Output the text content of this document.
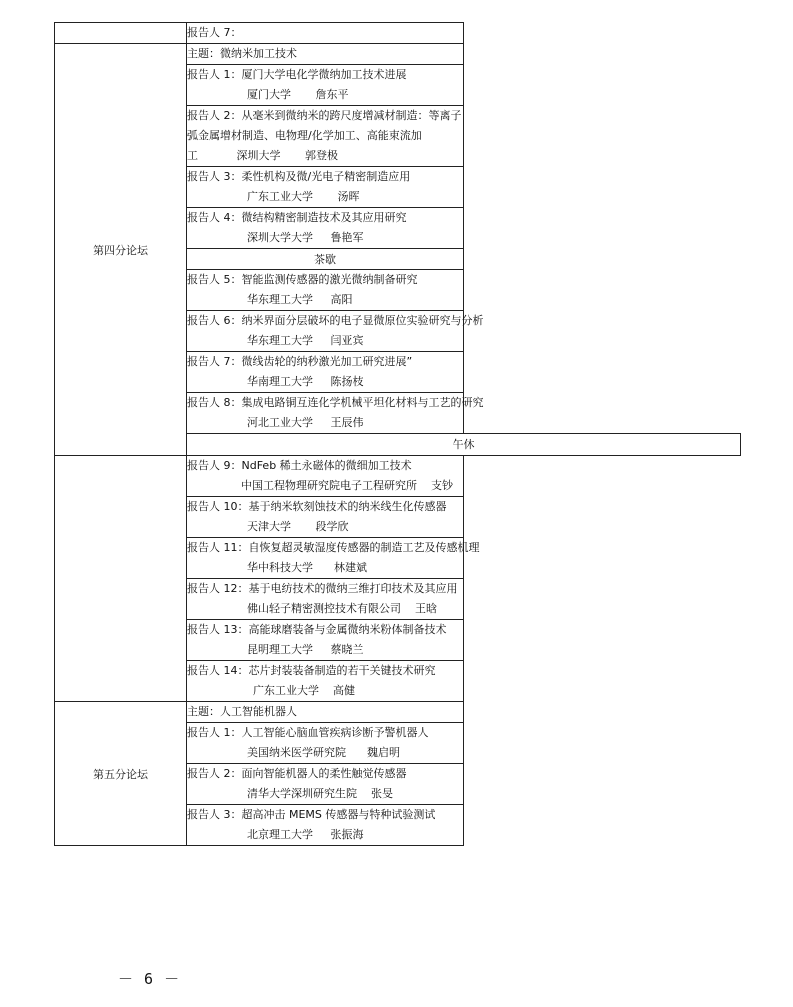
	报告人 7：

第四分论坛	主题：微纳米加工技术

	报告人 1：厦门大学电化学微纳加工技术进展
厦门大学 詹东平

	报告人 2：从毫米到微纳米的跨尺度增减材制造：等离子弧金属增材制造、电物理/化学加工、高能束流加工 深圳大学 郭登极

	报告人 3：柔性机构及微/光电子精密制造应用
广东工业大学 汤晖

	报告人 4：微结构精密制造技术及其应用研究
深圳大学大学 鲁艳军

	茶歇

	报告人 5：智能监测传感器的激光微纳制备研究
华东理工大学 高阳

	报告人 6：纳米界面分层破坏的电子显微原位实验研究与分析
华东理工大学 闫亚宾

	报告人 7：微线齿轮的纳秒激光加工研究进展”
华南理工大学 陈扬枝

	报告人 8：集成电路铜互连化学机械平坦化材料与工艺的研究
河北工业大学 王辰伟

	午休

	报告人 9：NdFeb 稀土永磁体的微细加工技术
中国工程物理研究院电子工程研究所 支钞

	报告人 10：基于纳米软刻蚀技术的纳米线生化传感器
天津大学 段学欣

	报告人 11：自恢复超灵敏湿度传感器的制造工艺及传感机理
华中科技大学 林建斌

	报告人 12：基于电纺技术的微纳三维打印技术及其应用
佛山轻子精密测控技术有限公司 王晗

	报告人 13：高能球磨装备与金属微纳米粉体制备技术
昆明理工大学 蔡晓兰

	报告人 14：芯片封装装备制造的若干关键技术研究
广东工业大学 高健

第五分论坛	主题：人工智能机器人

	报告人 1：人工智能心脑血管疾病诊断予警机器人
美国纳米医学研究院 魏启明

	报告人 2：面向智能机器人的柔性触觉传感器
清华大学深圳研究生院 张旻

	报告人 3：超高冲击 MEMS 传感器与特种试验测试
北京理工大学 张振海
－ 6 －
